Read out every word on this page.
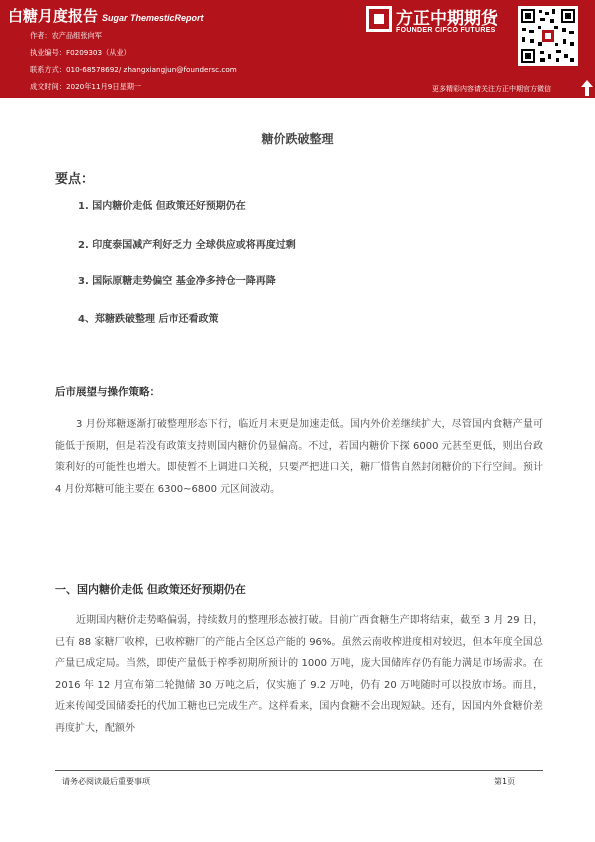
白糖月度报告 Sugar ThemesticReport
作者：农产品组张向军
执业编号：F0209303（从业）
联系方式：010-68578692/ zhangxiangjun@foundersc.com
成文时间：2020年11月9日星期一
方正中期期货
FOUNDER CIFCO FUTURES
更多精彩内容请关注方正中期官方微信
糖价跌破整理
要点：
1. 国内糖价走低 但政策还好预期仍在
2. 印度泰国减产利好乏力 全球供应或将再度过剩
3. 国际原糖走势偏空 基金净多持仓一降再降
4、郑糖跌破整理 后市还看政策
后市展望与操作策略：
3 月份郑糖逐渐打破整理形态下行，临近月末更是加速走低。国内外价差继续扩大，尽管国内食糖产量可能低于预期，但是若没有政策支持则国内糖价仍显偏高。不过，若国内糖价下探 6000 元甚至更低，则出台政策利好的可能性也增大。即使暂不上调进口关税，只要严把进口关，糖厂惜售自然封闭糖价的下行空间。预计 4 月份郑糖可能主要在 6300~6800 元区间波动。
一、国内糖价走低 但政策还好预期仍在
近期国内糖价走势略偏弱，持续数月的整理形态被打破。目前广西食糖生产即将结束，截至 3 月 29 日，已有 88 家糖厂收榨，已收榨糖厂的产能占全区总产能的 96%。虽然云南收榨进度相对较迟，但本年度全国总产量已成定局。当然，即使产量低于榨季初期所预计的 1000 万吨，庞大国储库存仍有能力满足市场需求。在 2016 年 12 月宣布第二轮抛储 30 万吨之后，仅实施了 9.2 万吨，仍有 20 万吨随时可以投放市场。而且，近来传闻受国储委托的代加工糖也已完成生产。这样看来，国内食糖不会出现短缺。还有，因国内外食糖价差再度扩大，配额外
请务必阅读最后重要事项	第1页
